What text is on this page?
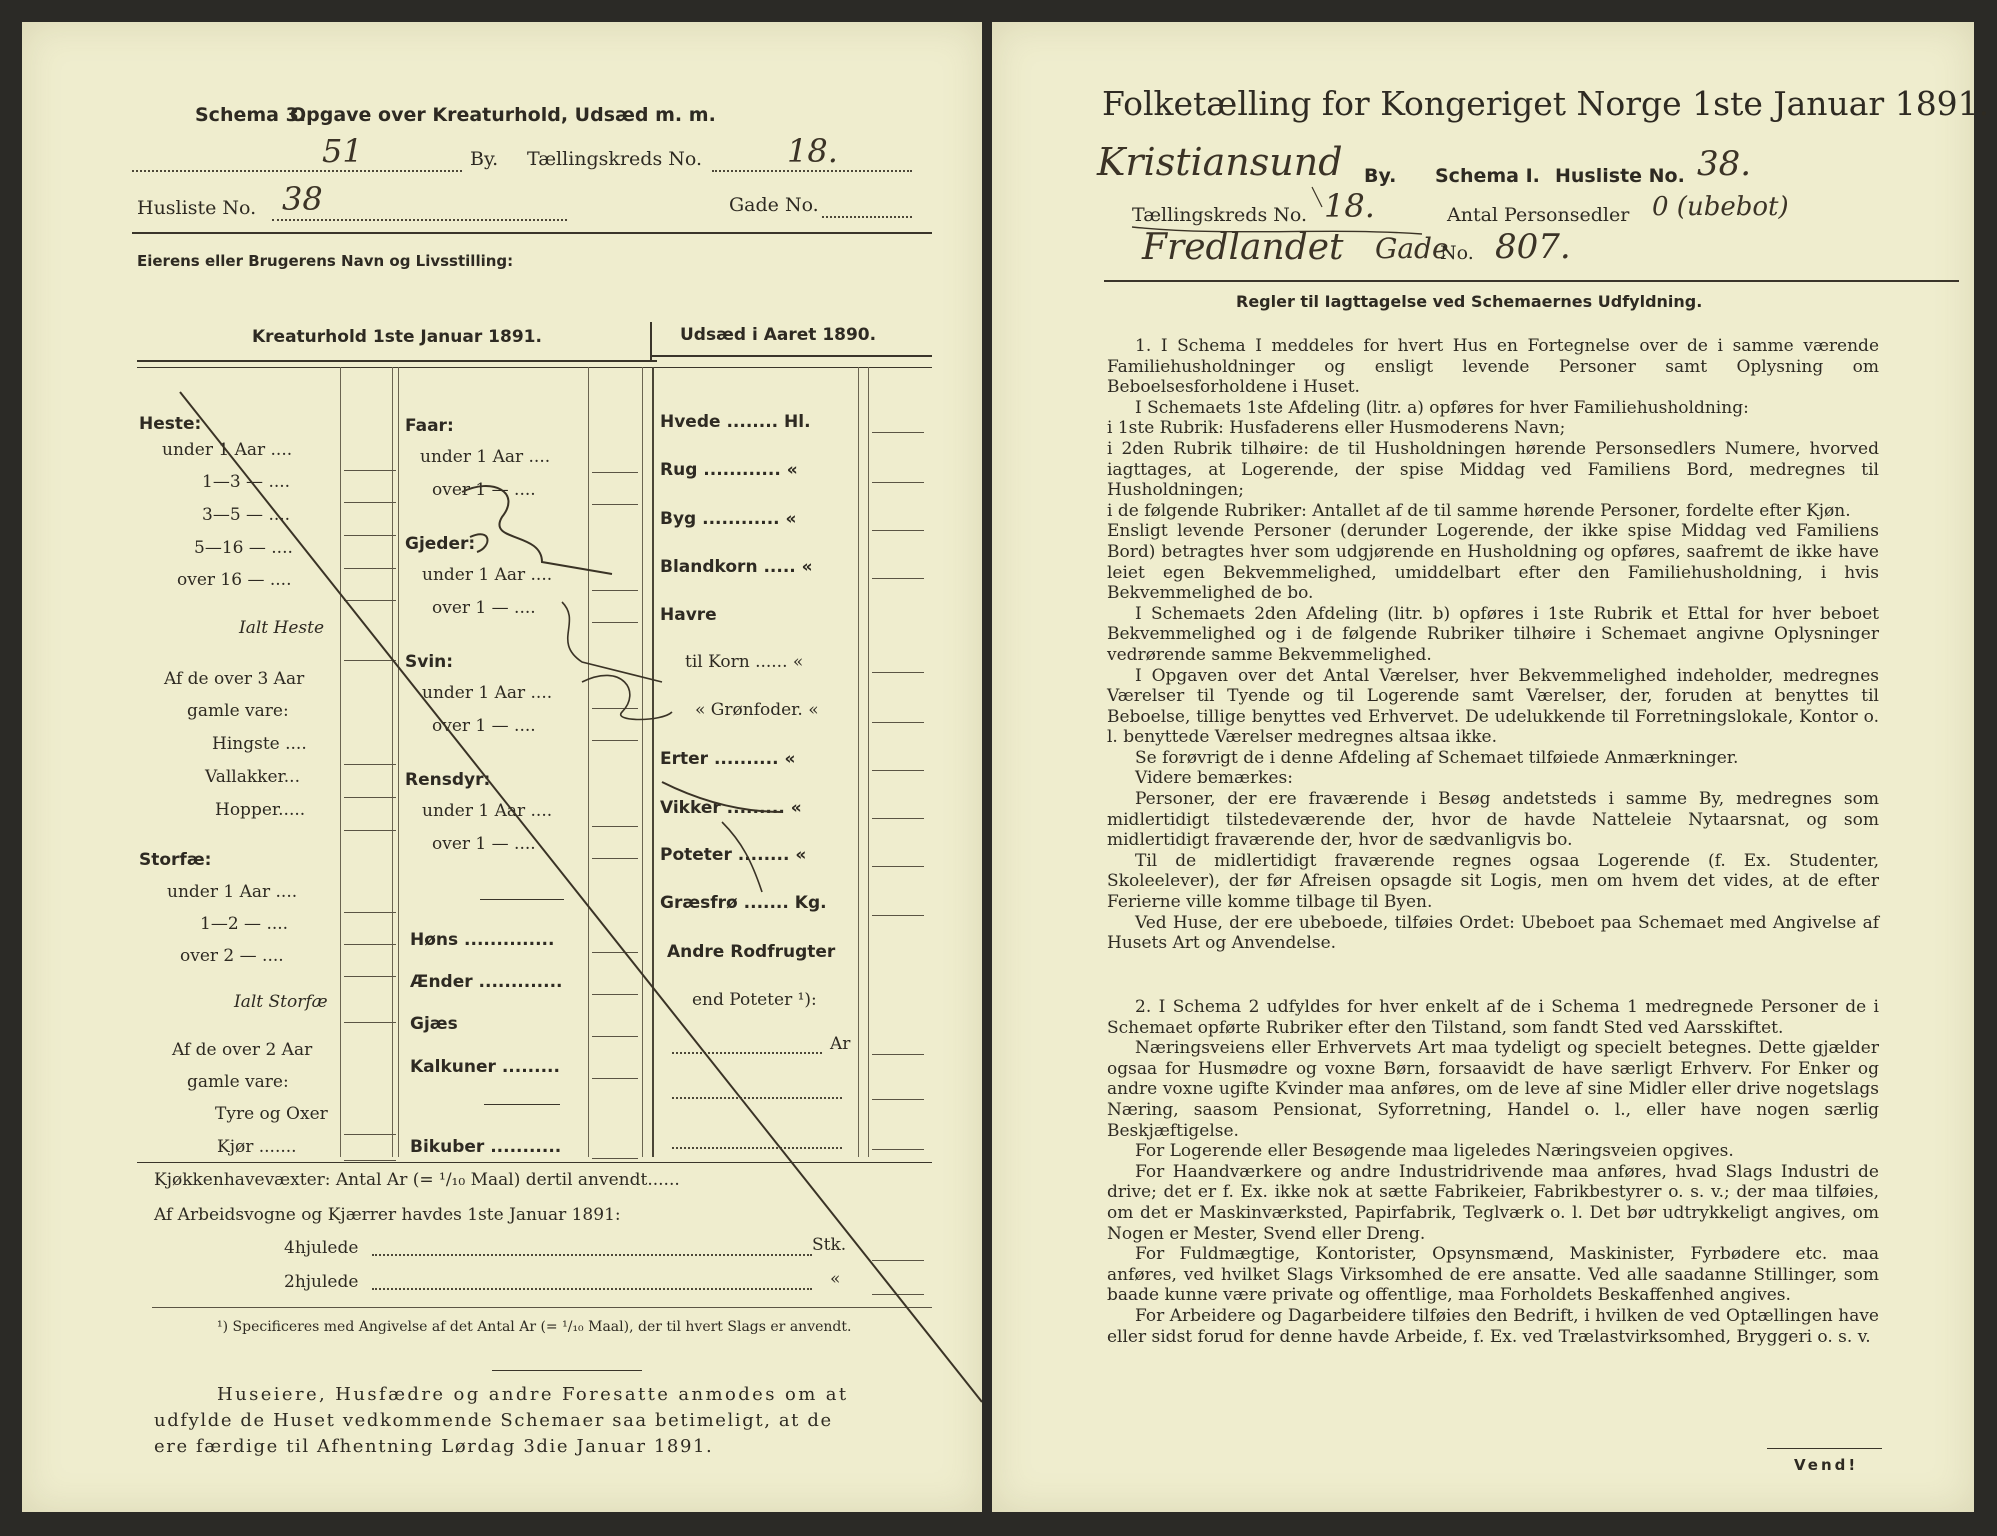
Schema 3.
Opgave over Kreaturhold, Udsæd m. m.
51	By. Tællingskreds No.	18.
Husliste No. 38	Gade No.
Eierens eller Brugerens Navn og Livsstilling:
Kreaturhold 1ste Januar 1891.	Udsæd i Aaret 1890.
Heste:
under 1 Aar ....
1—3 — ....
3—5 — ....
5—16 — ....
over 16 — ....
Ialt Heste
Af de over 3 Aar
gamle vare:
Hingste ....
Vallakker...
Hopper.....
Storfæ:
under 1 Aar ....
1—2 — ....
over 2 — ....
Ialt Storfæ
Af de over 2 Aar
gamle vare:
Tyre og Oxer
Kjør .......
Faar:
under 1 Aar ....
over 1 — ....
Gjeder:
under 1 Aar ....
over 1 — ....
Svin:
under 1 Aar ....
over 1 — ....
Rensdyr:
under 1 Aar ....
over 1 — ....
Høns ..............
Ænder .............
Gjæs
Kalkuner .........
Bikuber ...........
Hvede ........ Hl.
Rug ............ «
Byg ............ «
Blandkorn ..... «
Havre
til Korn ...... «
« Grønfoder. «
Erter .......... «
Vikker ......... «
Poteter ........ «
Græsfrø ....... Kg.
Andre Rodfrugter
end Poteter ¹):
Ar
Kjøkkenhavevæxter: Antal Ar (= ¹/₁₀ Maal) dertil anvendt......
Af Arbeidsvogne og Kjærrer havdes 1ste Januar 1891:
4hjulede	Stk.
2hjulede	«
¹) Specificeres med Angivelse af det Antal Ar (= ¹/₁₀ Maal), der til hvert Slags er anvendt.
Huseiere, Husfædre og andre Foresatte anmodes om at
udfylde de Huset vedkommende Schemaer saa betimeligt, at de
ere færdige til Afhentning Lørdag 3die Januar 1891.
Folketælling for Kongeriget Norge 1ste Januar 1891.
Kristiansund By. Schema I. Husliste No. 38.
Tællingskreds No. 18.	Antal Personsedler 0 (ubebot)
Fredlandet Gade
No. 807.
Regler til Iagttagelse ved Schemaernes Udfyldning.

1. I Schema I meddeles for hvert Hus en Fortegnelse over de i samme værende Familiehusholdninger og ensligt levende Personer samt Oplysning om Beboelsesforholdene i Huset.

I Schemaets 1ste Afdeling (litr. a) opføres for hver Familiehusholdning:

i 1ste Rubrik: Husfaderens eller Husmoderens Navn;

i 2den Rubrik tilhøire: de til Husholdningen hørende Personsedlers Numere, hvorved iagttages, at Logerende, der spise Middag ved Familiens Bord, medregnes til Husholdningen;

i de følgende Rubriker: Antallet af de til samme hørende Personer, fordelte efter Kjøn.

Ensligt levende Personer (derunder Logerende, der ikke spise Middag ved Familiens Bord) betragtes hver som udgjørende en Husholdning og opføres, saafremt de ikke have leiet egen Bekvemmelighed, umiddelbart efter den Familiehusholdning, i hvis Bekvemmelighed de bo.

I Schemaets 2den Afdeling (litr. b) opføres i 1ste Rubrik et Ettal for hver beboet Bekvemmelighed og i de følgende Rubriker tilhøire i Schemaet angivne Oplysninger vedrørende samme Bekvemmelighed.

I Opgaven over det Antal Værelser, hver Bekvemmelighed indeholder, medregnes Værelser til Tyende og til Logerende samt Værelser, der, foruden at benyttes til Beboelse, tillige benyttes ved Erhvervet. De udelukkende til Forretningslokale, Kontor o. l. benyttede Værelser medregnes altsaa ikke.

Se forøvrigt de i denne Afdeling af Schemaet tilføiede Anmærkninger.

Videre bemærkes:

Personer, der ere fraværende i Besøg andetsteds i samme By, medregnes som midlertidigt tilstedeværende der, hvor de havde Natteleie Nytaarsnat, og som midlertidigt fraværende der, hvor de sædvanligvis bo.

Til de midlertidigt fraværende regnes ogsaa Logerende (f. Ex. Studenter, Skoleelever), der før Afreisen opsagde sit Logis, men om hvem det vides, at de efter Ferierne ville komme tilbage til Byen.

Ved Huse, der ere ubeboede, tilføies Ordet: Ubeboet paa Schemaet med Angivelse af Husets Art og Anvendelse.

2. I Schema 2 udfyldes for hver enkelt af de i Schema 1 medregnede Personer de i Schemaet opførte Rubriker efter den Tilstand, som fandt Sted ved Aarsskiftet.

Næringsveiens eller Erhvervets Art maa tydeligt og specielt betegnes. Dette gjælder ogsaa for Husmødre og voxne Børn, forsaavidt de have særligt Erhverv. For Enker og andre voxne ugifte Kvinder maa anføres, om de leve af sine Midler eller drive nogetslags Næring, saasom Pensionat, Syforretning, Handel o. l., eller have nogen særlig Beskjæftigelse.

For Logerende eller Besøgende maa ligeledes Næringsveien opgives.

For Haandværkere og andre Industridrivende maa anføres, hvad Slags Industri de drive; det er f. Ex. ikke nok at sætte Fabrikeier, Fabrikbestyrer o. s. v.; der maa tilføies, om det er Maskinværksted, Papirfabrik, Teglværk o. l. Det bør udtrykkeligt angives, om Nogen er Mester, Svend eller Dreng.

For Fuldmægtige, Kontorister, Opsynsmænd, Maskinister, Fyrbødere etc. maa anføres, ved hvilket Slags Virksomhed de ere ansatte. Ved alle saadanne Stillinger, som baade kunne være private og offentlige, maa Forholdets Beskaffenhed angives.

For Arbeidere og Dagarbeidere tilføies den Bedrift, i hvilken de ved Optællingen have eller sidst forud for denne havde Arbeide, f. Ex. ved Trælastvirksomhed, Bryggeri o. s. v.

Vend!
